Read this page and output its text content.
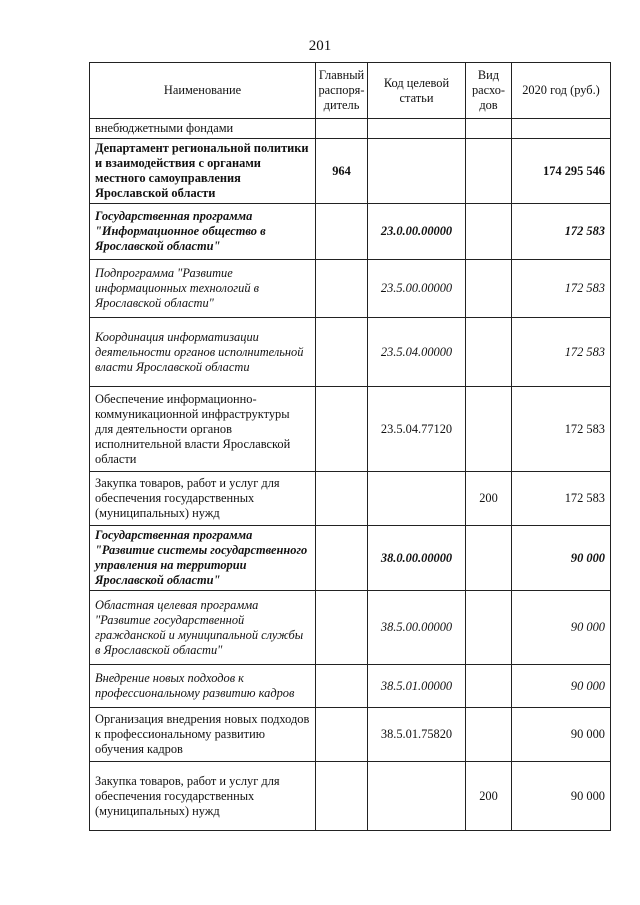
201
Наименование	Главный распоря-дитель	Код целевой статьи	Вид расхо-дов	2020 год (руб.)
внебюджетными фондами				
Департамент региональной политики и взаимодействия с органами местного самоуправления Ярославской области	964			174 295 546
Государственная программа "Информационное общество в Ярославской области"		23.0.00.00000		172 583
Подпрограмма "Развитие информационных технологий в Ярославской области"		23.5.00.00000		172 583
Координация информатизации деятельности органов исполнительной власти Ярославской области		23.5.04.00000		172 583
Обеспечение информационно-коммуникационной инфраструктуры для деятельности органов исполнительной власти Ярославской области		23.5.04.77120		172 583
Закупка товаров, работ и услуг для обеспечения государственных (муниципальных) нужд			200	172 583
Государственная программа "Развитие системы государственного управления на территории Ярославской области"		38.0.00.00000		90 000
Областная целевая программа "Развитие государственной гражданской и муниципальной службы в Ярославской области"		38.5.00.00000		90 000
Внедрение новых подходов к профессиональному развитию кадров		38.5.01.00000		90 000
Организация внедрения новых подходов к профессиональному развитию обучения кадров		38.5.01.75820		90 000
Закупка товаров, работ и услуг для обеспечения государственных (муниципальных) нужд			200	90 000
